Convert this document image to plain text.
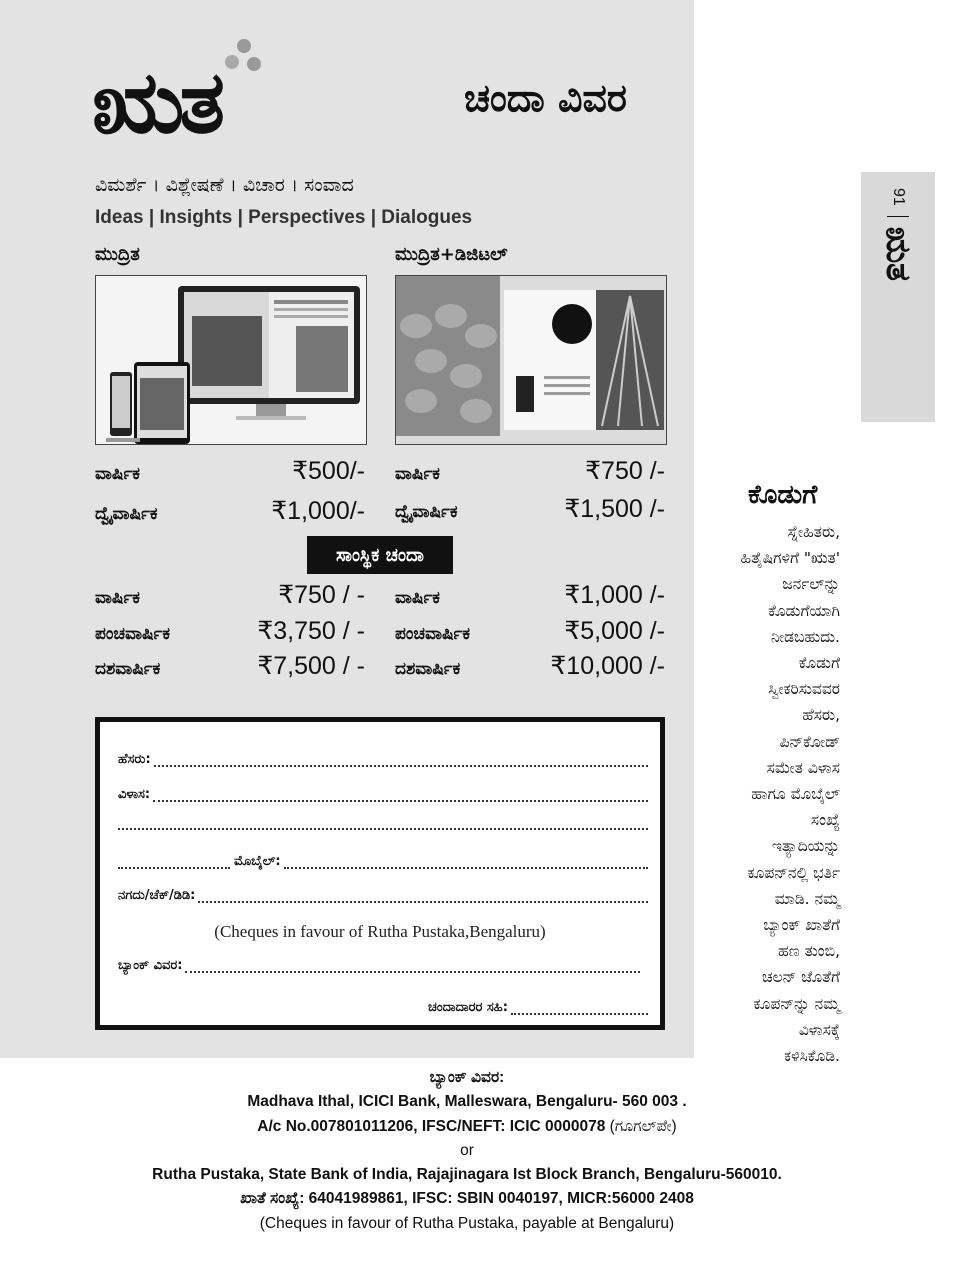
ಋತ	ಚಂದಾ ವಿವರ
ವಿಮರ್ಶೆ । ವಿಶ್ಲೇಷಣೆ । ವಿಚಾರ । ಸಂವಾದ
Ideas | Insights | Perspectives | Dialogues
ಮುದ್ರಿತ	ಮುದ್ರಿತ+ಡಿಜಿಟಲ್
ವಾರ್ಷಿಕ	₹500/-
ದ್ವೈವಾರ್ಷಿಕ	₹1,000/-
ವಾರ್ಷಿಕ	₹750 /-
ದ್ವೈವಾರ್ಷಿಕ	₹1,500 /-
ಸಾಂಸ್ಥಿಕ ಚಂದಾ
ವಾರ್ಷಿಕ	₹750 / -
ಪಂಚವಾರ್ಷಿಕ	₹3,750 / -
ದಶವಾರ್ಷಿಕ	₹7,500 / -
ವಾರ್ಷಿಕ	₹1,000 /-
ಪಂಚವಾರ್ಷಿಕ	₹5,000 /-
ದಶವಾರ್ಷಿಕ	₹10,000 /-
ಹೆಸರು:
ವಿಳಾಸ:
ಮೊಬೈಲ್:
ನಗದು/ಚೆಕ್/ಡಿಡಿ:
(Cheques in favour of Rutha Pustaka,Bengaluru)
ಬ್ಯಾಂಕ್ ವಿವರ:
ಚಂದಾದಾರರ ಸಹಿ:
91
ಋತ
ಕೊಡುಗೆ
ಸ್ನೇಹಿತರು,
ಹಿತೈಷಿಗಳಿಗೆ "ಋತ'
ಜರ್ನಲ್‌ನ್ನು
ಕೊಡುಗೆಯಾಗಿ
ನೀಡಬಹುದು.
ಕೊಡುಗೆ
ಸ್ವೀಕರಿಸುವವರ
ಹೆಸರು,
ಪಿನ್‌ಕೋಡ್
ಸಮೇತ ವಿಳಾಸ
ಹಾಗೂ ಮೊಬೈಲ್
ಸಂಖ್ಯೆ
ಇತ್ಯಾದಿಯನ್ನು
ಕೂಪನ್‌ನಲ್ಲಿ ಭರ್ತಿ
ಮಾಡಿ. ನಮ್ಮ
ಬ್ಯಾಂಕ್ ಖಾತೆಗೆ
ಹಣ ತುಂಬಿ,
ಚಲನ್ ಜೊತೆಗೆ
ಕೂಪನ್‌ನ್ನು ನಮ್ಮ
ವಿಳಾಸಕ್ಕೆ
ಕಳಿಸಿಕೊಡಿ.
ಬ್ಯಾಂಕ್ ವಿವರ:
Madhava Ithal, ICICI Bank, Malleswara, Bengaluru- 560 003 .
A/c No.007801011206, IFSC/NEFT: ICIC 0000078 (ಗೂಗಲ್‌ಪೇ)
or
Rutha Pustaka, State Bank of India, Rajajinagara Ist Block Branch, Bengaluru-560010.
ಖಾತೆ ಸಂಖ್ಯೆ: 64041989861, IFSC: SBIN 0040197, MICR:56000 2408
(Cheques in favour of Rutha Pustaka, payable at Bengaluru)
